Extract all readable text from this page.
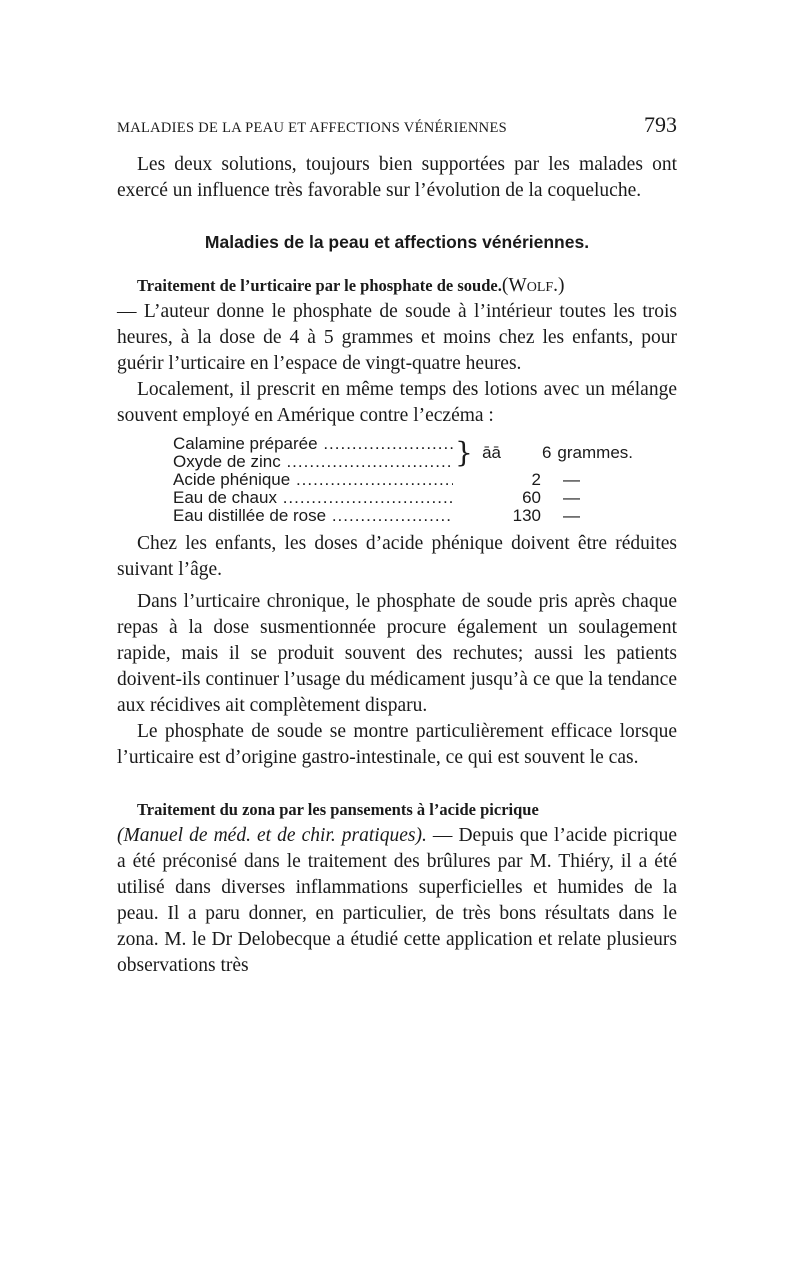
MALADIES DE LA PEAU ET AFFECTIONS VÉNÉRIENNES	793

Les deux solutions, toujours bien supportées par les malades ont exercé un influence très favorable sur l’évolution de la coqueluche.

Maladies de la peau et affections vénériennes.

Traitement de l’urticaire par le phosphate de soude.(Wolf.)

— L’auteur donne le phosphate de soude à l’intérieur toutes les trois heures, à la dose de 4 à 5 grammes et moins chez les enfants, pour guérir l’urticaire en l’espace de vingt-quatre heures.

Localement, il prescrit en même temps des lotions avec un mélange souvent employé en Amérique contre l’eczéma :

Calamine préparée .....
Oxyde de zinc .....	} āā	6 grammes.
Acide phénique .....	2 —
Eau de chaux .....	60 —
Eau distillée de rose .....	130 —

Chez les enfants, les doses d’acide phénique doivent être réduites suivant l’âge.

Dans l’urticaire chronique, le phosphate de soude pris après chaque repas à la dose susmentionnée procure également un soulagement rapide, mais il se produit souvent des rechutes; aussi les patients doivent-ils continuer l’usage du médicament jusqu’à ce que la tendance aux récidives ait complètement disparu.

Le phosphate de soude se montre particulièrement efficace lorsque l’urticaire est d’origine gastro-intestinale, ce qui est souvent le cas.

Traitement du zona par les pansements à l’acide picrique

(Manuel de méd. et de chir. pratiques). — Depuis que l’acide picrique a été préconisé dans le traitement des brûlures par M. Thiéry, il a été utilisé dans diverses inflammations superficielles et humides de la peau. Il a paru donner, en particulier, de très bons résultats dans le zona. M. le Dr Delobecque a étudié cette application et relate plusieurs observations très
